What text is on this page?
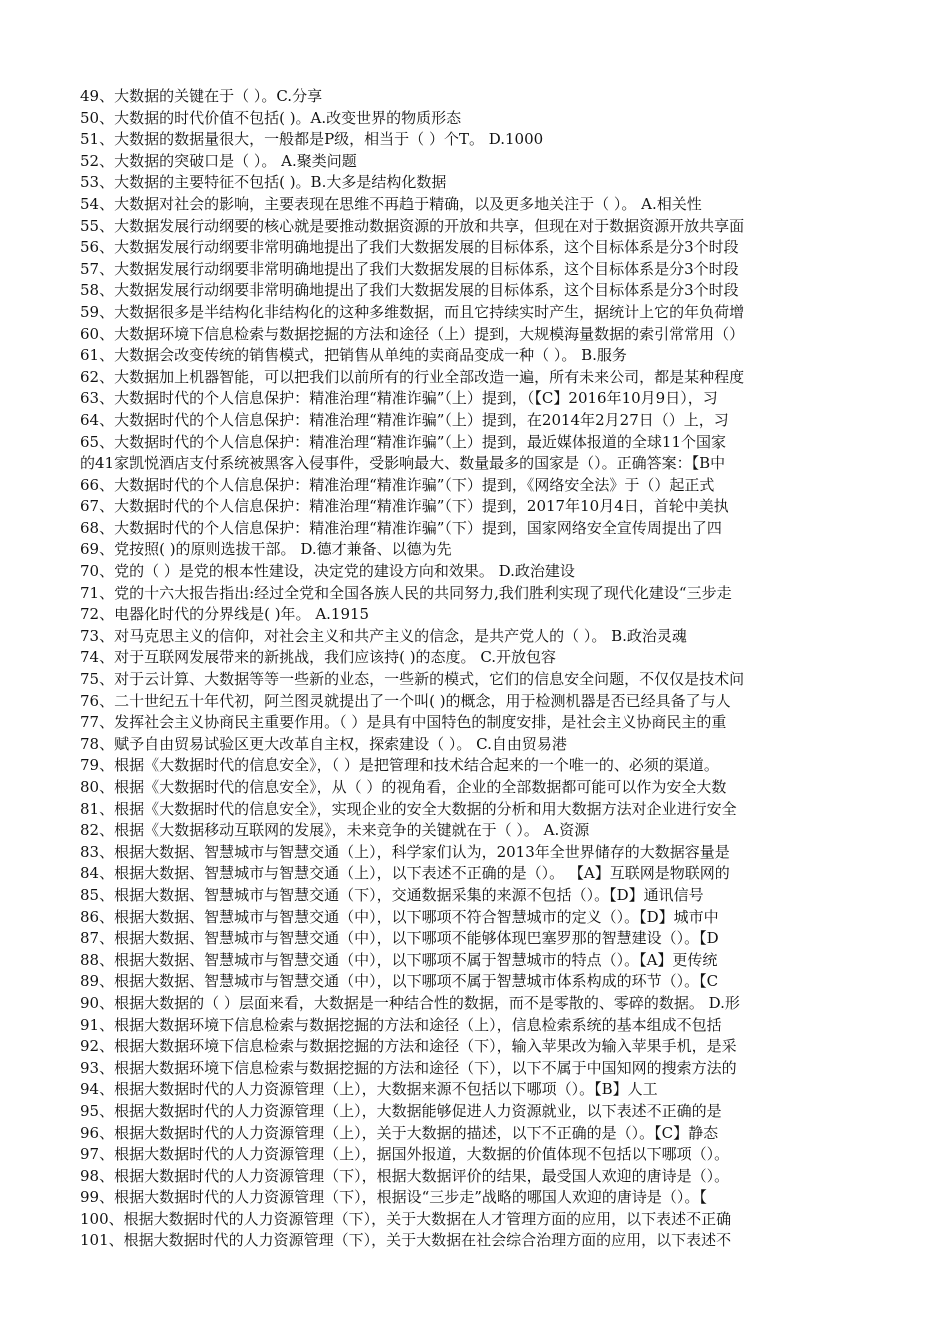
49、大数据的关键在于（ ）。C.分享
50、大数据的时代价值不包括( )。A.改变世界的物质形态
51、大数据的数据量很大，一般都是P级，相当于（ ）个T。 D.1000
52、大数据的突破口是（ ）。 A.聚类问题
53、大数据的主要特征不包括( )。B.大多是结构化数据
54、大数据对社会的影响，主要表现在思维不再趋于精确，以及更多地关注于（ ）。 A.相关性
55、大数据发展行动纲要的核心就是要推动数据资源的开放和共享，但现在对于数据资源开放共享面
56、大数据发展行动纲要非常明确地提出了我们大数据发展的目标体系，这个目标体系是分3个时段
57、大数据发展行动纲要非常明确地提出了我们大数据发展的目标体系，这个目标体系是分3个时段
58、大数据发展行动纲要非常明确地提出了我们大数据发展的目标体系，这个目标体系是分3个时段
59、大数据很多是半结构化非结构化的这种多维数据，而且它持续实时产生，据统计上它的年负荷增
60、大数据环境下信息检索与数据挖掘的方法和途径（上）提到，大规模海量数据的索引常常用（）
61、大数据会改变传统的销售模式，把销售从单纯的卖商品变成一种（ ）。 B.服务
62、大数据加上机器智能，可以把我们以前所有的行业全部改造一遍，所有未来公司，都是某种程度
63、大数据时代的个人信息保护：精准治理“精准诈骗”（上）提到，（【C】2016年10月9日），习
64、大数据时代的个人信息保护：精准治理“精准诈骗”（上）提到，在2014年2月27日（）上，习
65、大数据时代的个人信息保护：精准治理“精准诈骗”（上）提到，最近媒体报道的全球11个国家
的41家凯悦酒店支付系统被黑客入侵事件，受影响最大、数量最多的国家是（）。正确答案：【B中
66、大数据时代的个人信息保护：精准治理“精准诈骗”（下）提到，《网络安全法》于（）起正式
67、大数据时代的个人信息保护：精准治理“精准诈骗”（下）提到，2017年10月4日，首轮中美执
68、大数据时代的个人信息保护：精准治理“精准诈骗”（下）提到，国家网络安全宣传周提出了四
69、党按照( )的原则选拔干部。 D.德才兼备、以德为先
70、党的（ ）是党的根本性建设，决定党的建设方向和效果。 D.政治建设
71、党的十六大报告指出:经过全党和全国各族人民的共同努力,我们胜利实现了现代化建设“三步走
72、电器化时代的分界线是( )年。 A.1915
73、对马克思主义的信仰，对社会主义和共产主义的信念，是共产党人的（ ）。 B.政治灵魂
74、对于互联网发展带来的新挑战，我们应该持( )的态度。 C.开放包容
75、对于云计算、大数据等等一些新的业态，一些新的模式，它们的信息安全问题，不仅仅是技术问
76、二十世纪五十年代初，阿兰图灵就提出了一个叫( )的概念，用于检测机器是否已经具备了与人
77、发挥社会主义协商民主重要作用。（ ）是具有中国特色的制度安排，是社会主义协商民主的重
78、赋予自由贸易试验区更大改革自主权，探索建设（ ）。 C.自由贸易港
79、根据《大数据时代的信息安全》，（ ）是把管理和技术结合起来的一个唯一的、必须的渠道。
80、根据《大数据时代的信息安全》，从（ ）的视角看，企业的全部数据都可能可以作为安全大数
81、根据《大数据时代的信息安全》，实现企业的安全大数据的分析和用大数据方法对企业进行安全
82、根据《大数据移动互联网的发展》，未来竞争的关键就在于（ ）。 A.资源
83、根据大数据、智慧城市与智慧交通（上），科学家们认为，2013年全世界储存的大数据容量是
84、根据大数据、智慧城市与智慧交通（上），以下表述不正确的是（）。 【A】互联网是物联网的
85、根据大数据、智慧城市与智慧交通（下），交通数据采集的来源不包括（）。【D】通讯信号
86、根据大数据、智慧城市与智慧交通（中），以下哪项不符合智慧城市的定义（）。【D】城市中
87、根据大数据、智慧城市与智慧交通（中），以下哪项不能够体现巴塞罗那的智慧建设（）。【D
88、根据大数据、智慧城市与智慧交通（中），以下哪项不属于智慧城市的特点（）。【A】更传统
89、根据大数据、智慧城市与智慧交通（中），以下哪项不属于智慧城市体系构成的环节（）。【C
90、根据大数据的（ ）层面来看，大数据是一种结合性的数据，而不是零散的、零碎的数据。 D.形
91、根据大数据环境下信息检索与数据挖掘的方法和途径（上），信息检索系统的基本组成不包括
92、根据大数据环境下信息检索与数据挖掘的方法和途径（下），输入苹果改为输入苹果手机，是采
93、根据大数据环境下信息检索与数据挖掘的方法和途径（下），以下不属于中国知网的搜索方法的
94、根据大数据时代的人力资源管理（上），大数据来源不包括以下哪项（）。【B】人工
95、根据大数据时代的人力资源管理（上），大数据能够促进人力资源就业，以下表述不正确的是
96、根据大数据时代的人力资源管理（上），关于大数据的描述，以下不正确的是（）。【C】静态
97、根据大数据时代的人力资源管理（上），据国外报道，大数据的价值体现不包括以下哪项（）。
98、根据大数据时代的人力资源管理（下），根据大数据评价的结果，最受国人欢迎的唐诗是（）。
99、根据大数据时代的人力资源管理（下），根据设“三步走”战略的哪国人欢迎的唐诗是（）。【
100、根据大数据时代的人力资源管理（下），关于大数据在人才管理方面的应用，以下表述不正确
101、根据大数据时代的人力资源管理（下），关于大数据在社会综合治理方面的应用，以下表述不
